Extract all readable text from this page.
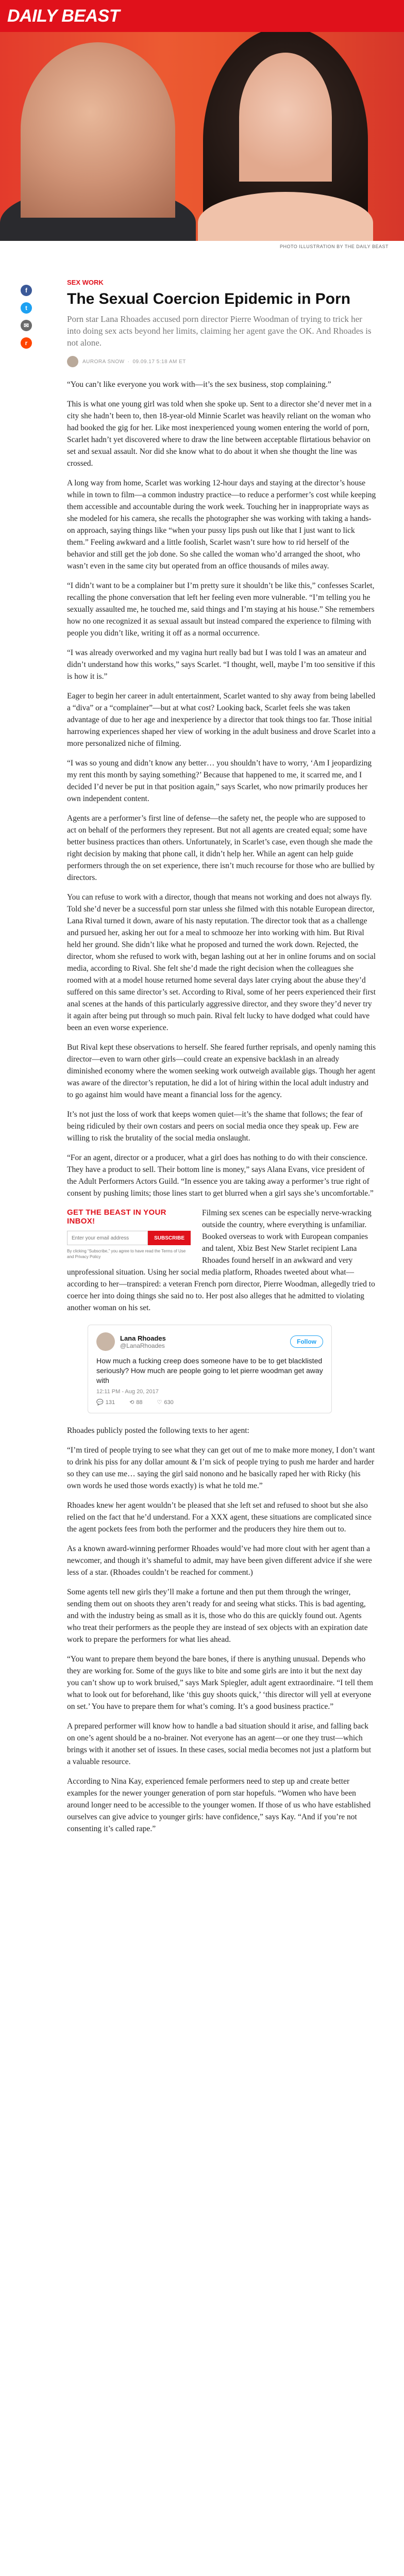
DAILY BEAST
PHOTO ILLUSTRATION BY THE DAILY BEAST
f
t
✉
r
SEX WORK
The Sexual Coercion Epidemic in Porn

Porn star Lana Rhoades accused porn director Pierre Woodman of trying to trick her into doing sex acts beyond her limits, claiming her agent gave the OK. And Rhoades is not alone.

AURORA SNOW · 09.09.17 5:18 AM ET

“You can’t like everyone you work with—it’s the sex business, stop complaining.”

This is what one young girl was told when she spoke up. Sent to a director she’d never met in a city she hadn’t been to, then 18-year-old Minnie Scarlet was heavily reliant on the woman who had booked the gig for her. Like most inexperienced young women entering the world of porn, Scarlet hadn’t yet discovered where to draw the line between acceptable flirtatious behavior on set and sexual assault. Nor did she know what to do about it when she thought the line was crossed.

A long way from home, Scarlet was working 12-hour days and staying at the director’s house while in town to film—a common industry practice—to reduce a performer’s cost while keeping them accessible and accountable during the work week. Touching her in inappropriate ways as she modeled for his camera, she recalls the photographer she was working with taking a hands-on approach, saying things like “when your pussy lips push out like that I just want to lick them.” Feeling awkward and a little foolish, Scarlet wasn’t sure how to rid herself of the behavior and still get the job done. So she called the woman who’d arranged the shoot, who wasn’t even in the same city but operated from an office thousands of miles away.

“I didn’t want to be a complainer but I’m pretty sure it shouldn’t be like this,” confesses Scarlet, recalling the phone conversation that left her feeling even more vulnerable. “I’m telling you he sexually assaulted me, he touched me, said things and I’m staying at his house.” She remembers how no one recognized it as sexual assault but instead compared the experience to filming with people you didn’t like, writing it off as a normal occurrence.

“I was already overworked and my vagina hurt really bad but I was told I was an amateur and didn’t understand how this works,” says Scarlet. “I thought, well, maybe I’m too sensitive if this is how it is.”

Eager to begin her career in adult entertainment, Scarlet wanted to shy away from being labelled a “diva” or a “complainer”—but at what cost? Looking back, Scarlet feels she was taken advantage of due to her age and inexperience by a director that took things too far. Those initial harrowing experiences shaped her view of working in the adult business and drove Scarlet into a more personalized niche of filming.

“I was so young and didn’t know any better… you shouldn’t have to worry, ‘Am I jeopardizing my rent this month by saying something?’ Because that happened to me, it scarred me, and I decided I’d never be put in that position again,” says Scarlet, who now primarily produces her own independent content.

Agents are a performer’s first line of defense—the safety net, the people who are supposed to act on behalf of the performers they represent. But not all agents are created equal; some have better business practices than others. Unfortunately, in Scarlet’s case, even though she made the right decision by making that phone call, it didn’t help her. While an agent can help guide performers through the on set experience, there isn’t much recourse for those who are bullied by directors.

You can refuse to work with a director, though that means not working and does not always fly. Told she’d never be a successful porn star unless she filmed with this notable European director, Lana Rival turned it down, aware of his nasty reputation. The director took that as a challenge and pursued her, asking her out for a meal to schmooze her into working with him. But Rival held her ground. She didn’t like what he proposed and turned the work down. Rejected, the director, whom she refused to work with, began lashing out at her in online forums and on social media, according to Rival. She felt she’d made the right decision when the colleagues she roomed with at a model house returned home several days later crying about the abuse they’d suffered on this same director’s set. According to Rival, some of her peers experienced their first anal scenes at the hands of this particularly aggressive director, and they swore they’d never try it again after being put through so much pain. Rival felt lucky to have dodged what could have been an even worse experience.

But Rival kept these observations to herself. She feared further reprisals, and openly naming this director—even to warn other girls—could create an expensive backlash in an already diminished economy where the women seeking work outweigh available gigs. Though her agent was aware of the director’s reputation, he did a lot of hiring within the local adult industry and to go against him would have meant a financial loss for the agency.

It’s not just the loss of work that keeps women quiet—it’s the shame that follows; the fear of being ridiculed by their own costars and peers on social media once they speak up. Few are willing to risk the brutality of the social media onslaught.

“For an agent, director or a producer, what a girl does has nothing to do with their conscience. They have a product to sell. Their bottom line is money,” says Alana Evans, vice president of the Adult Performers Actors Guild. “In essence you are taking away a performer’s true right of consent by pushing limits; those lines start to get blurred when a girl says she’s uncomfortable.”

GET THE BEAST IN YOUR INBOX!
Enter your email address
SUBSCRIBE
By clicking “Subscribe,” you agree to have read the Terms of Use and Privacy Policy

Filming sex scenes can be especially nerve-wracking outside the country, where everything is unfamiliar. Booked overseas to work with European companies and talent, Xbiz Best New Starlet recipient Lana Rhoades found herself in an awkward and very unprofessional situation. Using her social media platform, Rhoades tweeted about what—according to her—transpired: a veteran French porn director, Pierre Woodman, allegedly tried to coerce her into doing things she said no to. Her post also alleges that he admitted to violating another woman on his set.

Lana Rhoades
@LanaRhoades
Follow
How much a fucking creep does someone have to be to get blacklisted seriously? How much are people going to let pierre woodman get away with
12:11 PM - Aug 20, 2017
💬 131	⟲ 88	♡ 630

Rhoades publicly posted the following texts to her agent:

“I’m tired of people trying to see what they can get out of me to make more money, I don’t want to drink his piss for any dollar amount & I’m sick of people trying to push me harder and harder so they can use me… saying the girl said nonono and he basically raped her with Ricky (his own words he used those words exactly) is what he told me.”

Rhoades knew her agent wouldn’t be pleased that she left set and refused to shoot but she also relied on the fact that he’d understand. For a XXX agent, these situations are complicated since the agent pockets fees from both the performer and the producers they hire them out to.

As a known award-winning performer Rhoades would’ve had more clout with her agent than a newcomer, and though it’s shameful to admit, may have been given different advice if she were less of a star. (Rhoades couldn’t be reached for comment.)

Some agents tell new girls they’ll make a fortune and then put them through the wringer, sending them out on shoots they aren’t ready for and seeing what sticks. This is bad agenting, and with the industry being as small as it is, those who do this are quickly found out. Agents who treat their performers as the people they are instead of sex objects with an expiration date work to prepare the performers for what lies ahead.

“You want to prepare them beyond the bare bones, if there is anything unusual. Depends who they are working for. Some of the guys like to bite and some girls are into it but the next day you can’t show up to work bruised,” says Mark Spiegler, adult agent extraordinaire. “I tell them what to look out for beforehand, like ‘this guy shoots quick,’ ‘this director will yell at everyone on set.’ You have to prepare them for what’s coming. It’s a good business practice.”

A prepared performer will know how to handle a bad situation should it arise, and falling back on one’s agent should be a no-brainer. Not everyone has an agent—or one they trust—which brings with it another set of issues. In these cases, social media becomes not just a platform but a valuable resource.

According to Nina Kay, experienced female performers need to step up and create better examples for the newer younger generation of porn star hopefuls. “Women who have been around longer need to be accessible to the younger women. If those of us who have established ourselves can give advice to younger girls: have confidence,” says Kay. “And if you’re not consenting it’s called rape.”
